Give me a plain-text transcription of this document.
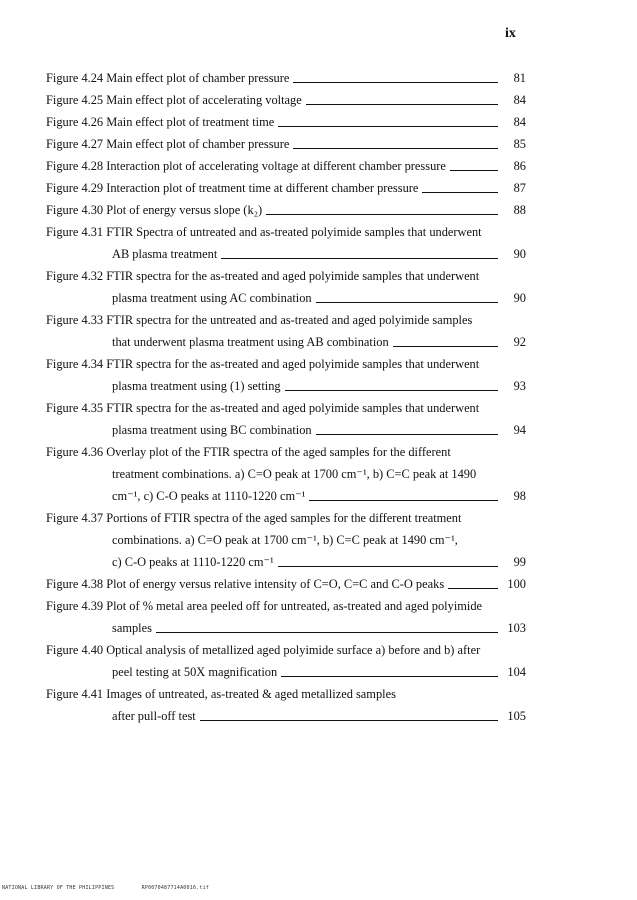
ix
Figure 4.24 Main effect plot of chamber pressure	81
Figure 4.25 Main effect plot of accelerating voltage	84
Figure 4.26 Main effect plot of treatment time	84
Figure 4.27 Main effect plot of chamber pressure	85
Figure 4.28 Interaction plot of accelerating voltage at different chamber pressure	86
Figure 4.29 Interaction plot of treatment time at different chamber pressure	87
Figure 4.30 Plot of energy versus slope (k₂)	88
Figure 4.31 FTIR Spectra of untreated and as-treated polyimide samples that underwent
AB plasma treatment	90
Figure 4.32 FTIR spectra for the as-treated and aged polyimide samples that underwent
plasma treatment using AC combination	90
Figure 4.33 FTIR spectra for the untreated and as-treated and aged polyimide samples
that underwent plasma treatment using AB combination	92
Figure 4.34 FTIR spectra for the as-treated and aged polyimide samples that underwent
plasma treatment using (1) setting	93
Figure 4.35 FTIR spectra for the as-treated and aged polyimide samples that underwent
plasma treatment using BC combination	94
Figure 4.36 Overlay plot of the FTIR spectra of the aged samples for the different
treatment combinations. a) C=O peak at 1700 cm⁻¹, b) C=C peak at 1490
cm⁻¹, c) C-O peaks at 1110-1220 cm⁻¹	98
Figure 4.37 Portions of FTIR spectra of the aged samples for the different treatment
combinations. a) C=O peak at 1700 cm⁻¹, b) C=C peak at 1490 cm⁻¹,
c) C-O peaks at 1110-1220 cm⁻¹	99
Figure 4.38 Plot of energy versus relative intensity of C=O, C=C and C-O peaks	100
Figure 4.39 Plot of % metal area peeled off for untreated, as-treated and aged polyimide
samples	103
Figure 4.40 Optical analysis of metallized aged polyimide surface a) before and b) after
peel testing at 50X magnification	104
Figure 4.41 Images of untreated, as-treated & aged metallized samples
after pull-off test	105
NATIONAL LIBRARY OF THE PHILIPPINES	RP0070487714A0016.tif
